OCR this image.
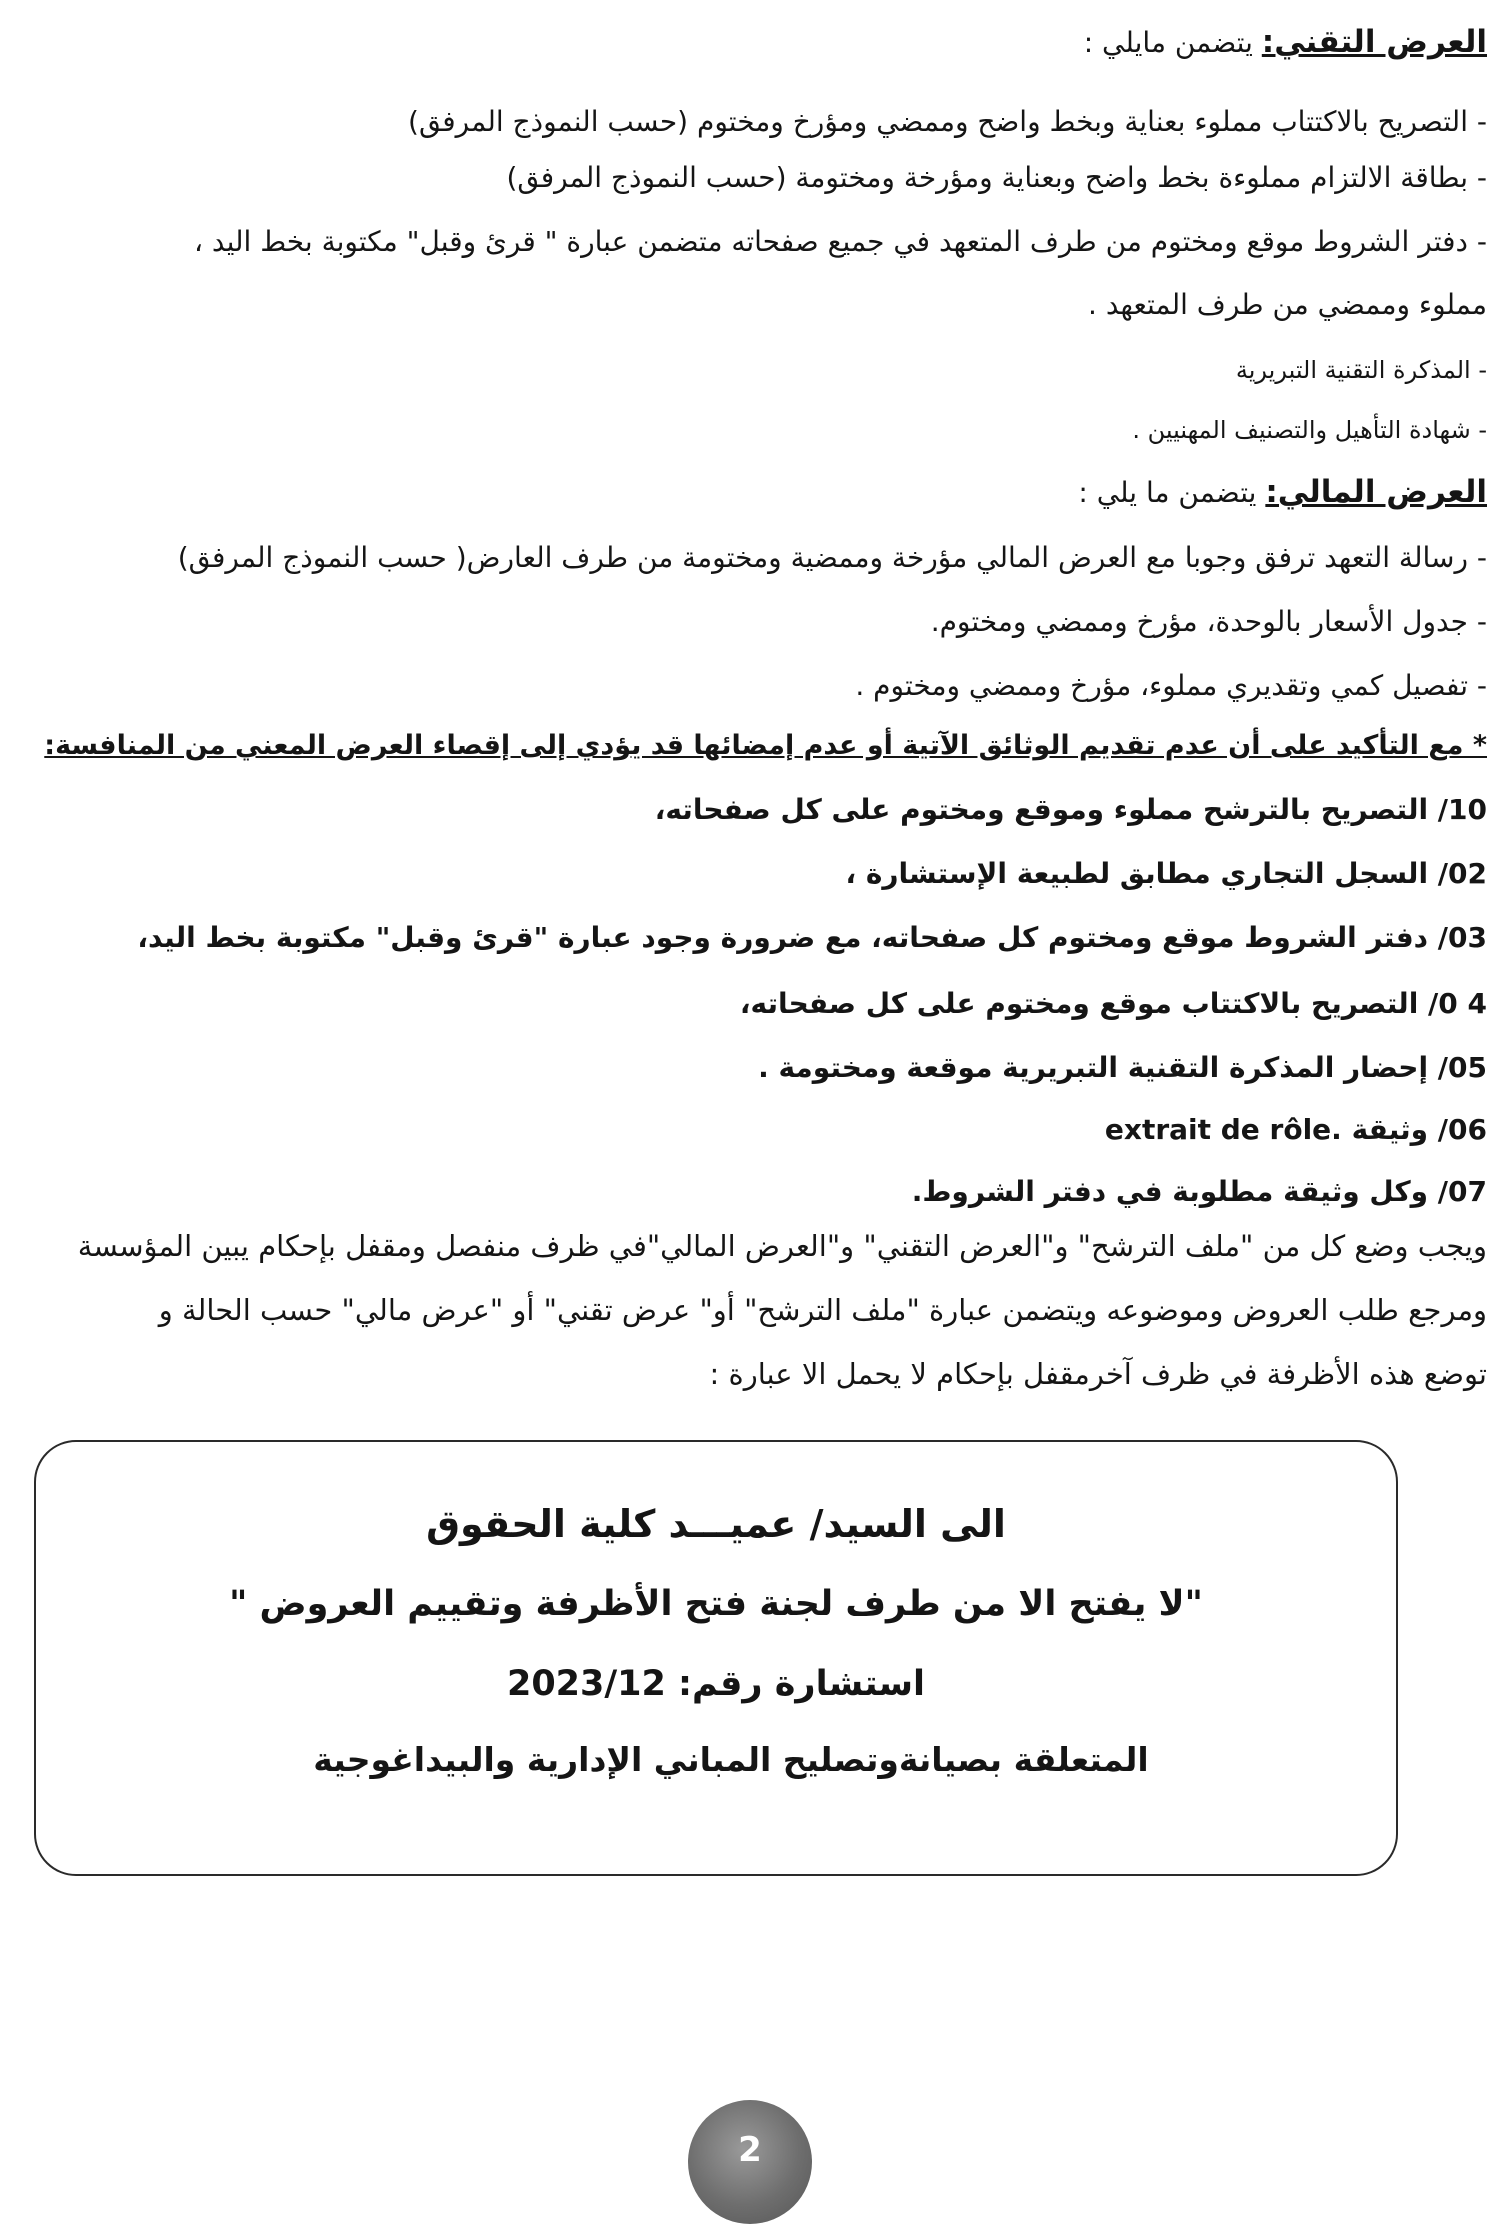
العرض التقني: يتضمن مايلي :
- التصريح بالاكتتاب مملوء بعناية وبخط واضح وممضي ومؤرخ ومختوم (حسب النموذج المرفق)
- بطاقة الالتزام مملوءة بخط واضح وبعناية ومؤرخة ومختومة (حسب النموذج المرفق)
- دفتر الشروط موقع ومختوم من طرف المتعهد في جميع صفحاته متضمن عبارة " قرئ وقبل" مكتوبة بخط اليد ،
مملوء وممضي من طرف المتعهد .
- المذكرة التقنية التبريرية
- شهادة التأهيل والتصنيف المهنيين .
العرض المالي: يتضمن ما يلي :
- رسالة التعهد ترفق وجوبا مع العرض المالي مؤرخة وممضية ومختومة من طرف العارض( حسب النموذج المرفق)
- جدول الأسعار بالوحدة، مؤرخ وممضي ومختوم.
- تفصيل كمي وتقديري مملوء، مؤرخ وممضي ومختوم .
* مع التأكيد على أن عدم تقديم الوثائق الآتية أو عدم إمضائها قد يؤدي إلى إقصاء العرض المعني من المنافسة:
10/ التصريح بالترشح مملوء وموقع ومختوم على كل صفحاته،
02/ السجل التجاري مطابق لطبيعة الإستشارة ،
03/ دفتر الشروط موقع ومختوم كل صفحاته، مع ضرورة وجود عبارة "قرئ وقبل" مكتوبة بخط اليد،
4 0/ التصريح بالاكتتاب موقع ومختوم على كل صفحاته،
05/ إحضار المذكرة التقنية التبريرية موقعة ومختومة .
06/ وثيقة extrait de rôle.
07/ وكل وثيقة مطلوبة في دفتر الشروط.
ويجب وضع كل من "ملف الترشح" و"العرض التقني" و"العرض المالي"في ظرف منفصل ومقفل بإحكام يبين المؤسسة
ومرجع طلب العروض وموضوعه ويتضمن عبارة "ملف الترشح" أو" عرض تقني" أو "عرض مالي" حسب الحالة و
توضع هذه الأظرفة في ظرف آخرمقفل بإحكام لا يحمل الا عبارة :
الى السيد/ عميـــد كلية الحقوق
"لا يفتح الا من طرف لجنة فتح الأظرفة وتقييم العروض "
استشارة رقم: 2023/12
المتعلقة بصيانةوتصليح المباني الإدارية والبيداغوجية
2
